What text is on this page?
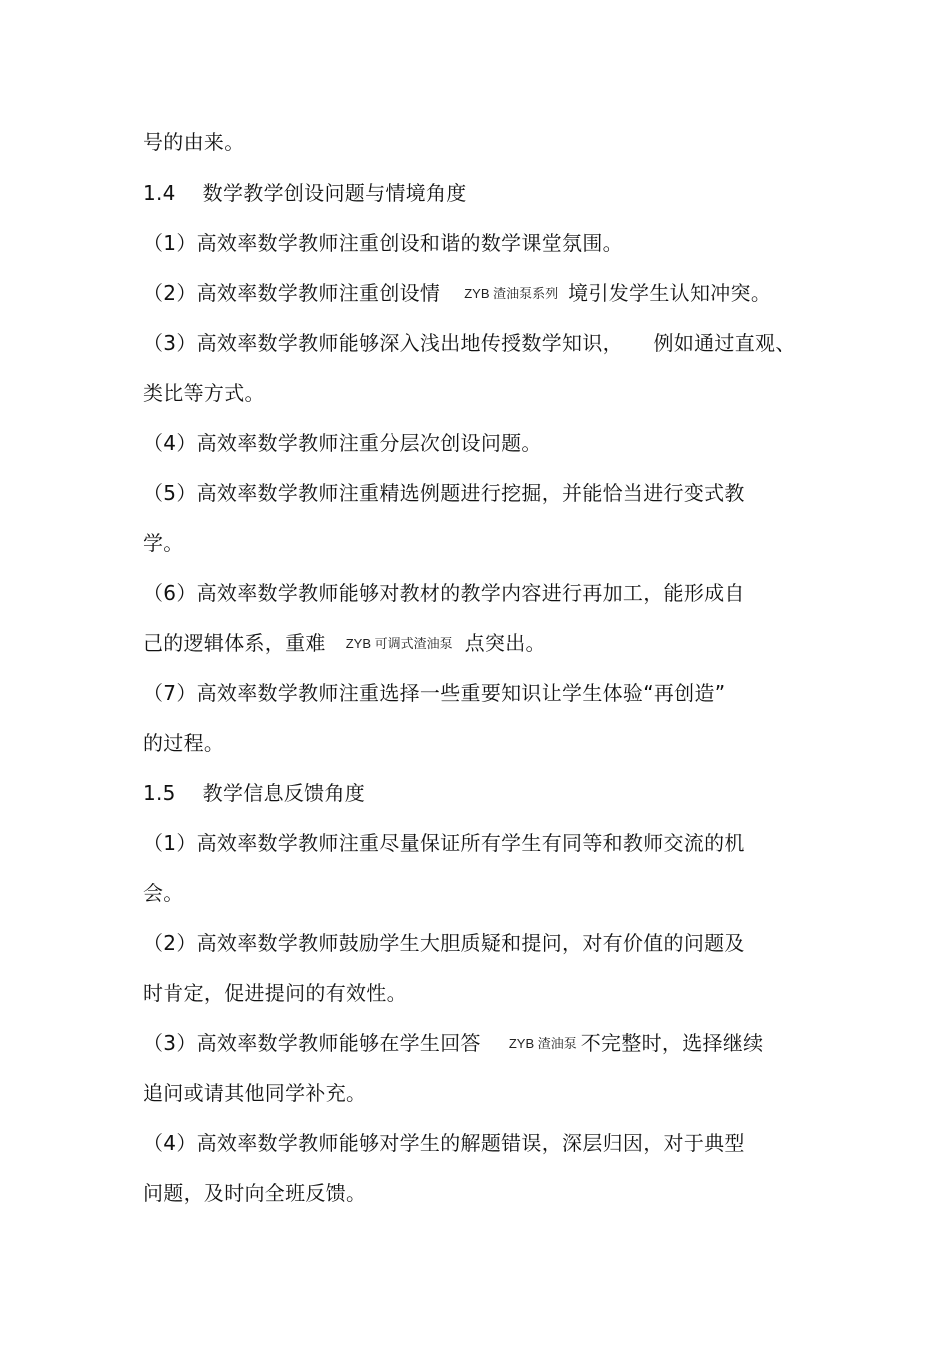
号的由来。
1.4　 数学教学创设问题与情境角度
（1）高效率数学教师注重创设和谐的数学课堂氛围。
（2）高效率数学教师注重创设情 ZYB 渣油泵系列 境引发学生认知冲突。
（3）高效率数学教师能够深入浅出地传授数学知识，　　例如通过直观、
类比等方式。
（4）高效率数学教师注重分层次创设问题。
（5）高效率数学教师注重精选例题进行挖掘，并能恰当进行变式教
学。
（6）高效率数学教师能够对教材的教学内容进行再加工，能形成自
己的逻辑体系，重难 ZYB 可调式渣油泵 点突出。
（7）高效率数学教师注重选择一些重要知识让学生体验“再创造”
的过程。
1.5　 教学信息反馈角度
（1）高效率数学教师注重尽量保证所有学生有同等和教师交流的机
会。
（2）高效率数学教师鼓励学生大胆质疑和提问，对有价值的问题及
时肯定，促进提问的有效性。
（3）高效率数学教师能够在学生回答 ZYB 渣油泵 不完整时，选择继续
追问或请其他同学补充。
（4）高效率数学教师能够对学生的解题错误，深层归因，对于典型
问题，及时向全班反馈。
